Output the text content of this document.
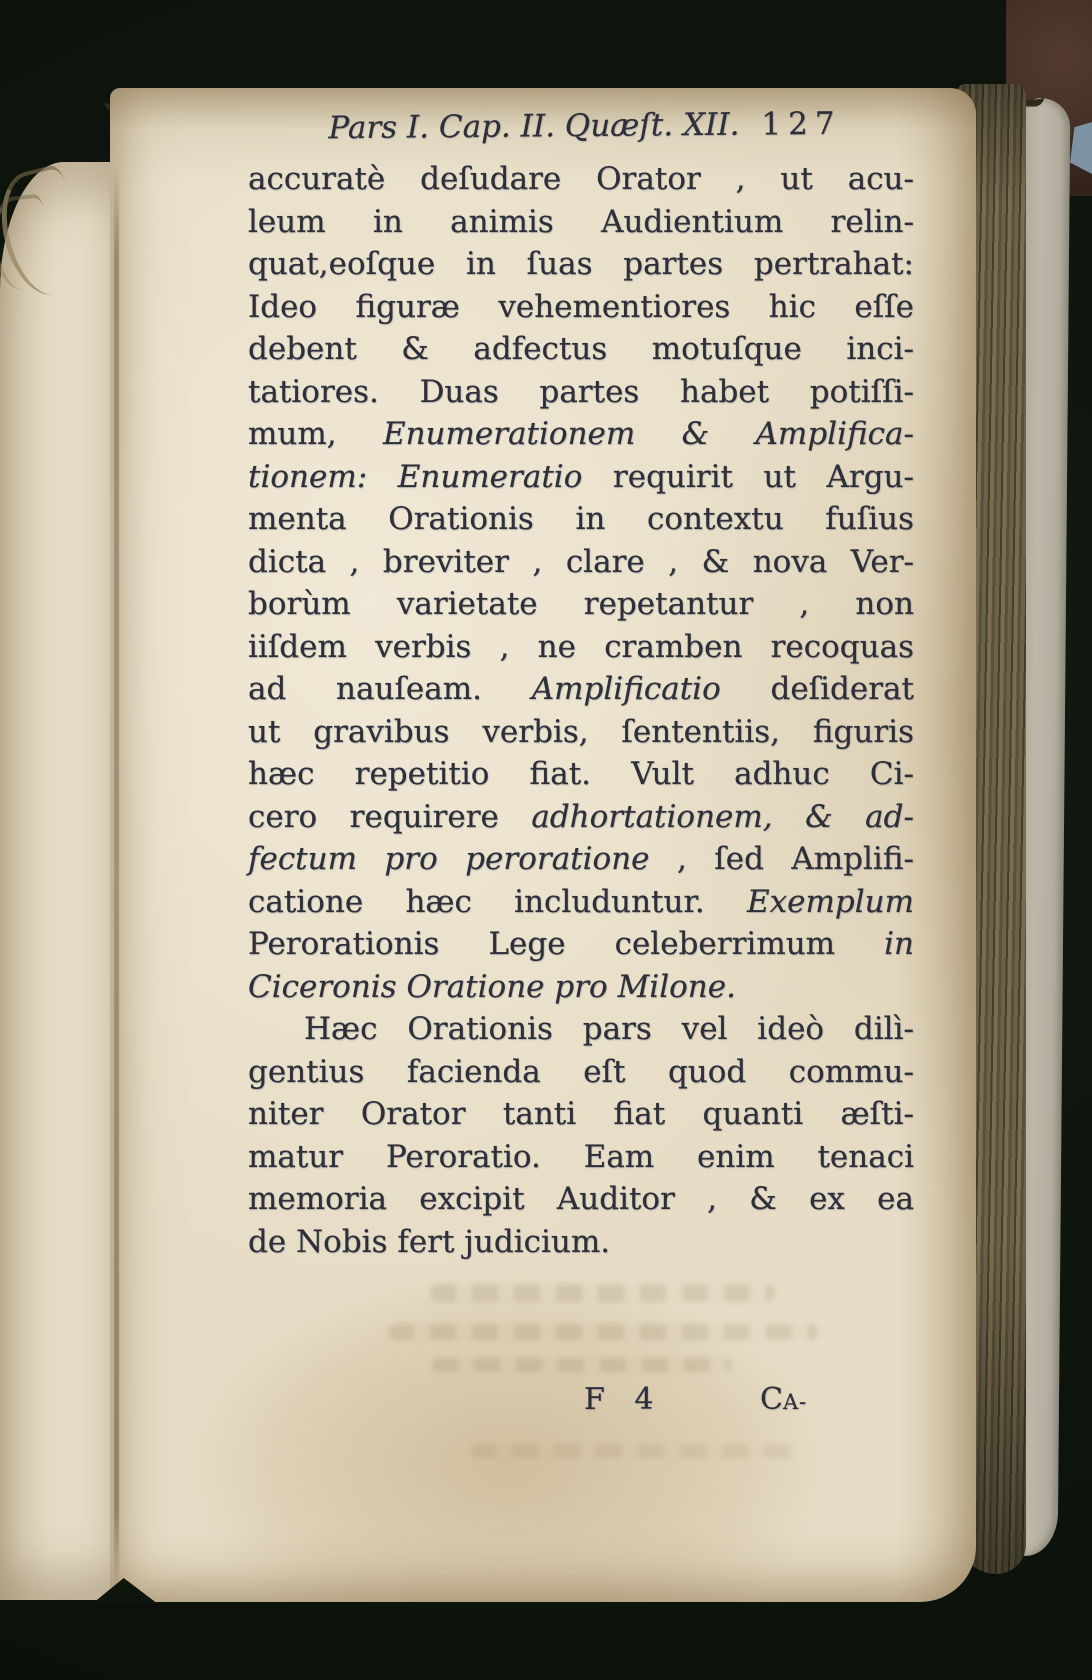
Pars I. Cap. II. Quæſt. XII. 127
accuratè deſudare Orator , ut acu-
leum in animis Audientium relin-
quat,eoſque in ſuas partes pertrahat:
Ideo figuræ vehementiores hic eſſe
debent & adfectus motuſque inci-
tatiores. Duas partes habet potiſſi-
mum, Enumerationem & Amplifica-
tionem: Enumeratio requirit ut Argu-
menta Orationis in contextu fuſius
dicta , breviter , clare , & nova Ver-
borùm varietate repetantur , non
iiſdem verbis , ne cramben recoquas
ad nauſeam. Amplificatio deſiderat
ut gravibus verbis, ſententiis, figuris
hæc repetitio fiat. Vult adhuc Ci-
cero requirere adhortationem, & ad-
fectum pro peroratione , ſed Amplifi-
catione hæc includuntur. Exemplum
Perorationis Lege celeberrimum in
Ciceronis Oratione pro Milone.
Hæc Orationis pars vel ideò dilì-
gentius facienda eſt quod commu-
niter Orator tanti fiat quanti æſti-
matur Peroratio. Eam enim tenaci
memoria excipit Auditor , & ex ea
de Nobis fert judicium.
F 4	CA-
